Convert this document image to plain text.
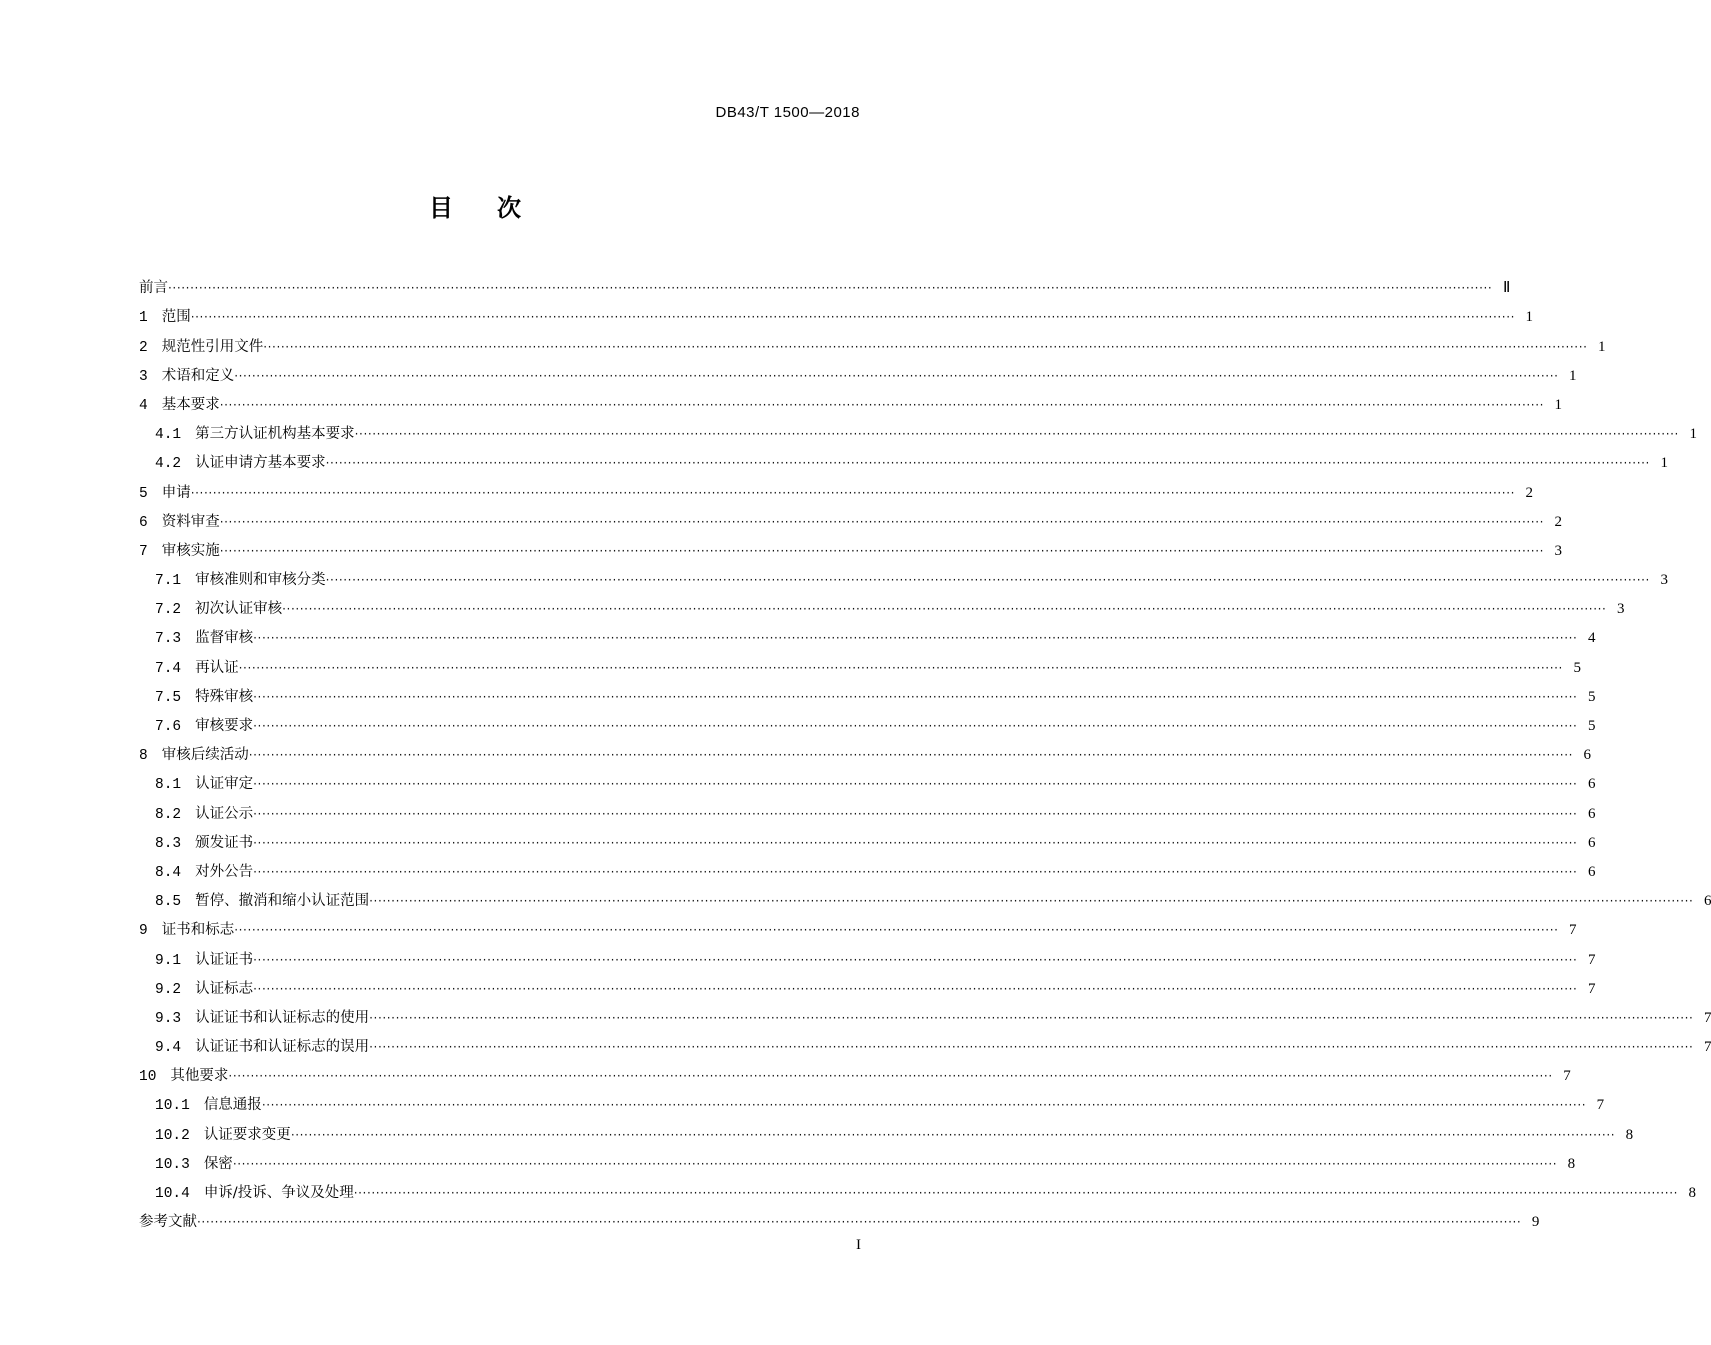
DB43/T 1500—2018
目次
前言 ············································································································································································································································································································ Ⅱ
1 范围 ············································································································································································································································································································ 1
2 规范性引用文件 ············································································································································································································································································································ 1
3 术语和定义 ············································································································································································································································································································ 1
4 基本要求 ············································································································································································································································································································ 1
4.1 第三方认证机构基本要求 ············································································································································································································································································································ 1
4.2 认证申请方基本要求 ············································································································································································································································································································ 1
5 申请 ············································································································································································································································································································ 2
6 资料审查 ············································································································································································································································································································ 2
7 审核实施 ············································································································································································································································································································ 3
7.1 审核准则和审核分类 ············································································································································································································································································································ 3
7.2 初次认证审核 ············································································································································································································································································································ 3
7.3 监督审核 ············································································································································································································································································································ 4
7.4 再认证 ············································································································································································································································································································ 5
7.5 特殊审核 ············································································································································································································································································································ 5
7.6 审核要求 ············································································································································································································································································································ 5
8 审核后续活动 ············································································································································································································································································································ 6
8.1 认证审定 ············································································································································································································································································································ 6
8.2 认证公示 ············································································································································································································································································································ 6
8.3 颁发证书 ············································································································································································································································································································ 6
8.4 对外公告 ············································································································································································································································································································ 6
8.5 暂停、撤消和缩小认证范围 ············································································································································································································································································································ 6
9 证书和标志 ············································································································································································································································································································ 7
9.1 认证证书 ············································································································································································································································································································ 7
9.2 认证标志 ············································································································································································································································································································ 7
9.3 认证证书和认证标志的使用 ············································································································································································································································································································ 7
9.4 认证证书和认证标志的误用 ············································································································································································································································································································ 7
10 其他要求 ············································································································································································································································································································ 7
10.1 信息通报 ············································································································································································································································································································ 7
10.2 认证要求变更 ············································································································································································································································································································ 8
10.3 保密 ············································································································································································································································································································ 8
10.4 申诉/投诉、争议及处理 ············································································································································································································································································································ 8
参考文献 ············································································································································································································································································································ 9
I
